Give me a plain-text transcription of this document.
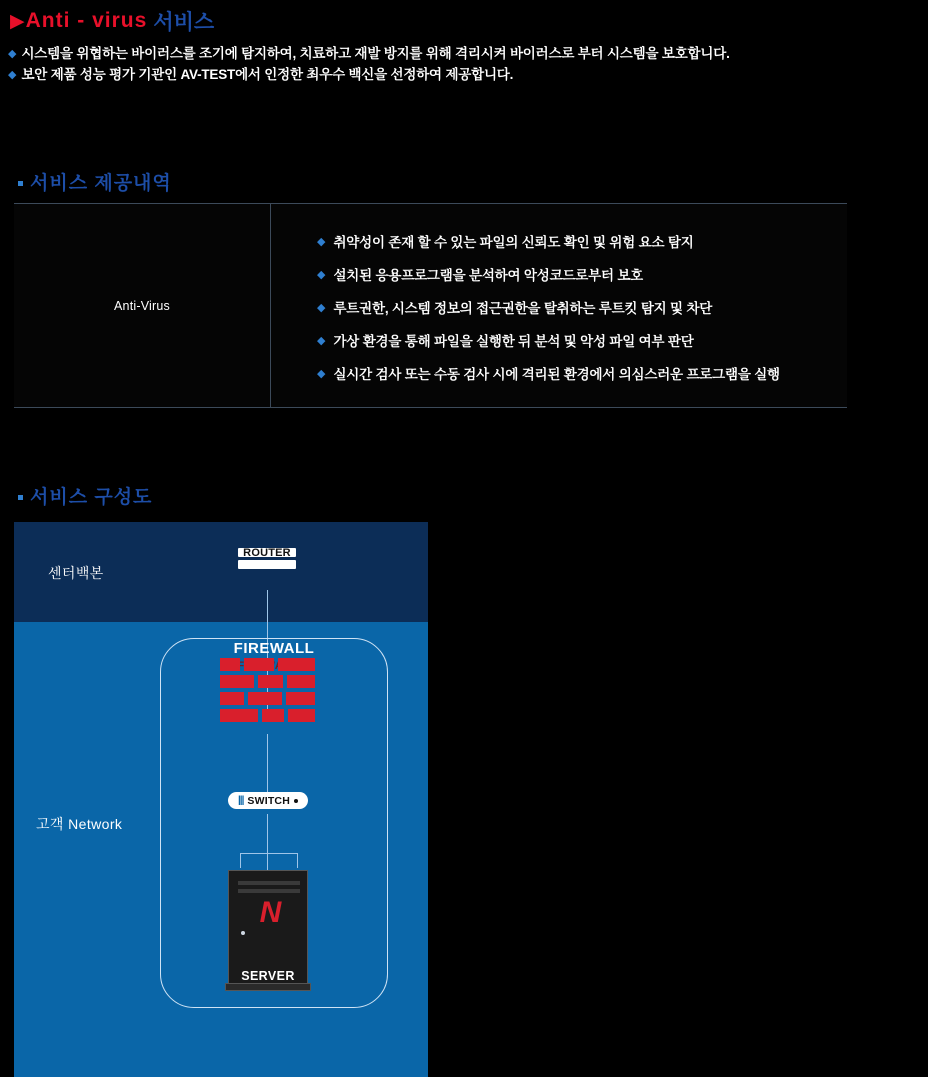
▶ Anti - virus 서비스
◆ 시스템을 위협하는 바이러스를 조기에 탐지하여, 치료하고 재발 방지를 위해 격리시켜 바이러스로 부터 시스템을 보호합니다.
◆ 보안 제품 성능 평가 기관인 AV-TEST에서 인정한 최우수 백신을 선정하여 제공합니다.
서비스 제공내역
Anti-Virus
◆ 취약성이 존재 할 수 있는 파일의 신뢰도 확인 및 위험 요소 탐지
◆ 설치된 응용프로그램을 분석하여 악성코드로부터 보호
◆ 루트권한, 시스템 정보의 접근권한을 탈취하는 루트킷 탐지 및 차단
◆ 가상 환경을 통해 파일을 실행한 뒤 분석 및 악성 파일 여부 판단
◆ 실시간 검사 또는 수동 검사 시에 격리된 환경에서 의심스러운 프로그램을 실행
서비스 구성도
센터백본
고객 Network
ROUTER
FIREWALL
||| SWITCH
N
SERVER
